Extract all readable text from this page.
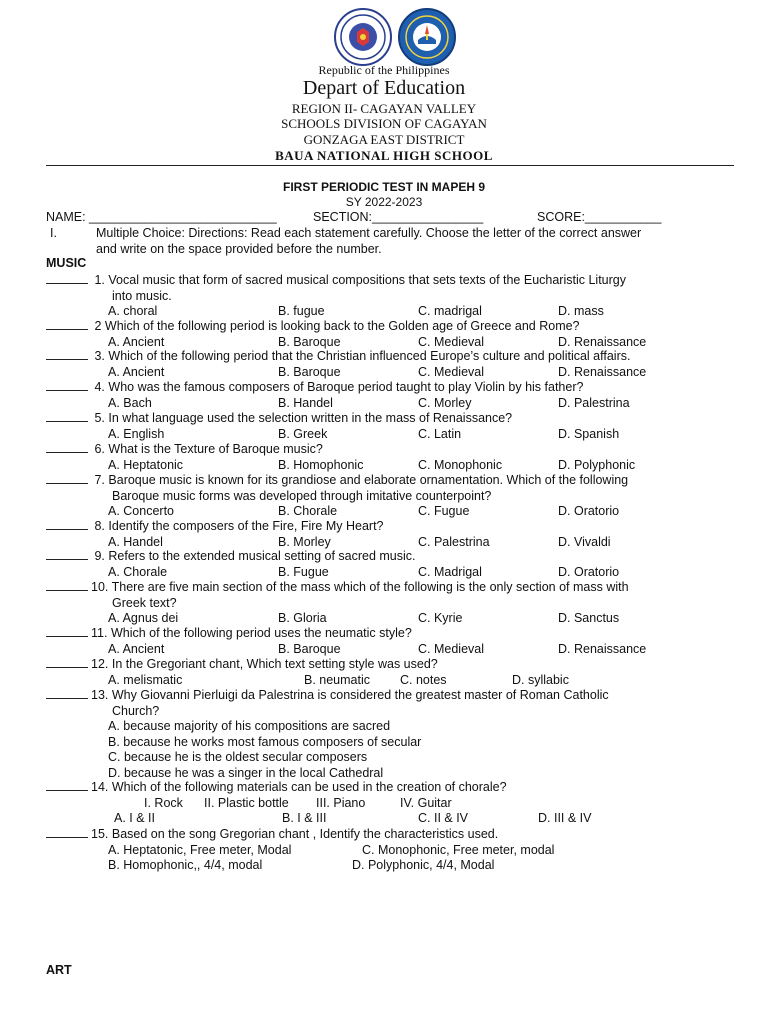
Republic of the Philippines
Depart of Education
REGION II- CAGAYAN VALLEY
SCHOOLS DIVISION OF CAGAYAN
GONZAGA EAST DISTRICT
BAUA NATIONAL HIGH SCHOOL
FIRST PERIODIC TEST IN MAPEH 9
SY 2022-2023
NAME: ___________________________	SECTION:________________	SCORE:___________
I.	Multiple Choice: Directions: Read each statement carefully. Choose the letter of the correct answer
and write on the space provided before the number.
MUSIC
1. Vocal music that form of sacred musical compositions that sets texts of the Eucharistic Liturgy
into music.
A. choral	B. fugue	C. madrigal	D. mass
2 Which of the following period is looking back to the Golden age of Greece and Rome?
A. Ancient	B. Baroque	C. Medieval	D. Renaissance
3. Which of the following period that the Christian influenced Europe’s culture and political affairs.
A. Ancient	B. Baroque	C. Medieval	D. Renaissance
4. Who was the famous composers of Baroque period taught to play Violin by his father?
A. Bach	B. Handel	C. Morley	D. Palestrina
5. In what language used the selection written in the mass of Renaissance?
A. English	B. Greek	C. Latin	D. Spanish
6. What is the Texture of Baroque music?
A. Heptatonic	B. Homophonic	C. Monophonic	D. Polyphonic
7. Baroque music is known for its grandiose and elaborate ornamentation. Which of the following
Baroque music forms was developed through imitative counterpoint?
A. Concerto	B. Chorale	C. Fugue	D. Oratorio
8. Identify the composers of the Fire, Fire My Heart?
A. Handel	B. Morley	C. Palestrina	D. Vivaldi
9. Refers to the extended musical setting of sacred music.
A. Chorale	B. Fugue	C. Madrigal	D. Oratorio
10. There are five main section of the mass which of the following is the only section of mass with
Greek text?
A. Agnus dei	B. Gloria	C. Kyrie	D. Sanctus
11. Which of the following period uses the neumatic style?
A. Ancient	B. Baroque	C. Medieval	D. Renaissance
12. In the Gregoriant chant, Which text setting style was used?
A. melismatic	B. neumatic C. notes	D. syllabic
13. Why Giovanni Pierluigi da Palestrina is considered the greatest master of Roman Catholic
Church?
A. because majority of his compositions are sacred
B. because he works most famous composers of secular
C. because he is the oldest secular composers
D. because he was a singer in the local Cathedral
14. Which of the following materials can be used in the creation of chorale?
I. Rock II. Plastic bottle III. Piano	IV. Guitar
A. I & II	B. I & III	C. II & IV	D. III & IV
15. Based on the song Gregorian chant , Identify the characteristics used.
A. Heptatonic, Free meter, Modal	C. Monophonic, Free meter, modal
B. Homophonic,, 4/4, modal	D. Polyphonic, 4/4, Modal
ART
